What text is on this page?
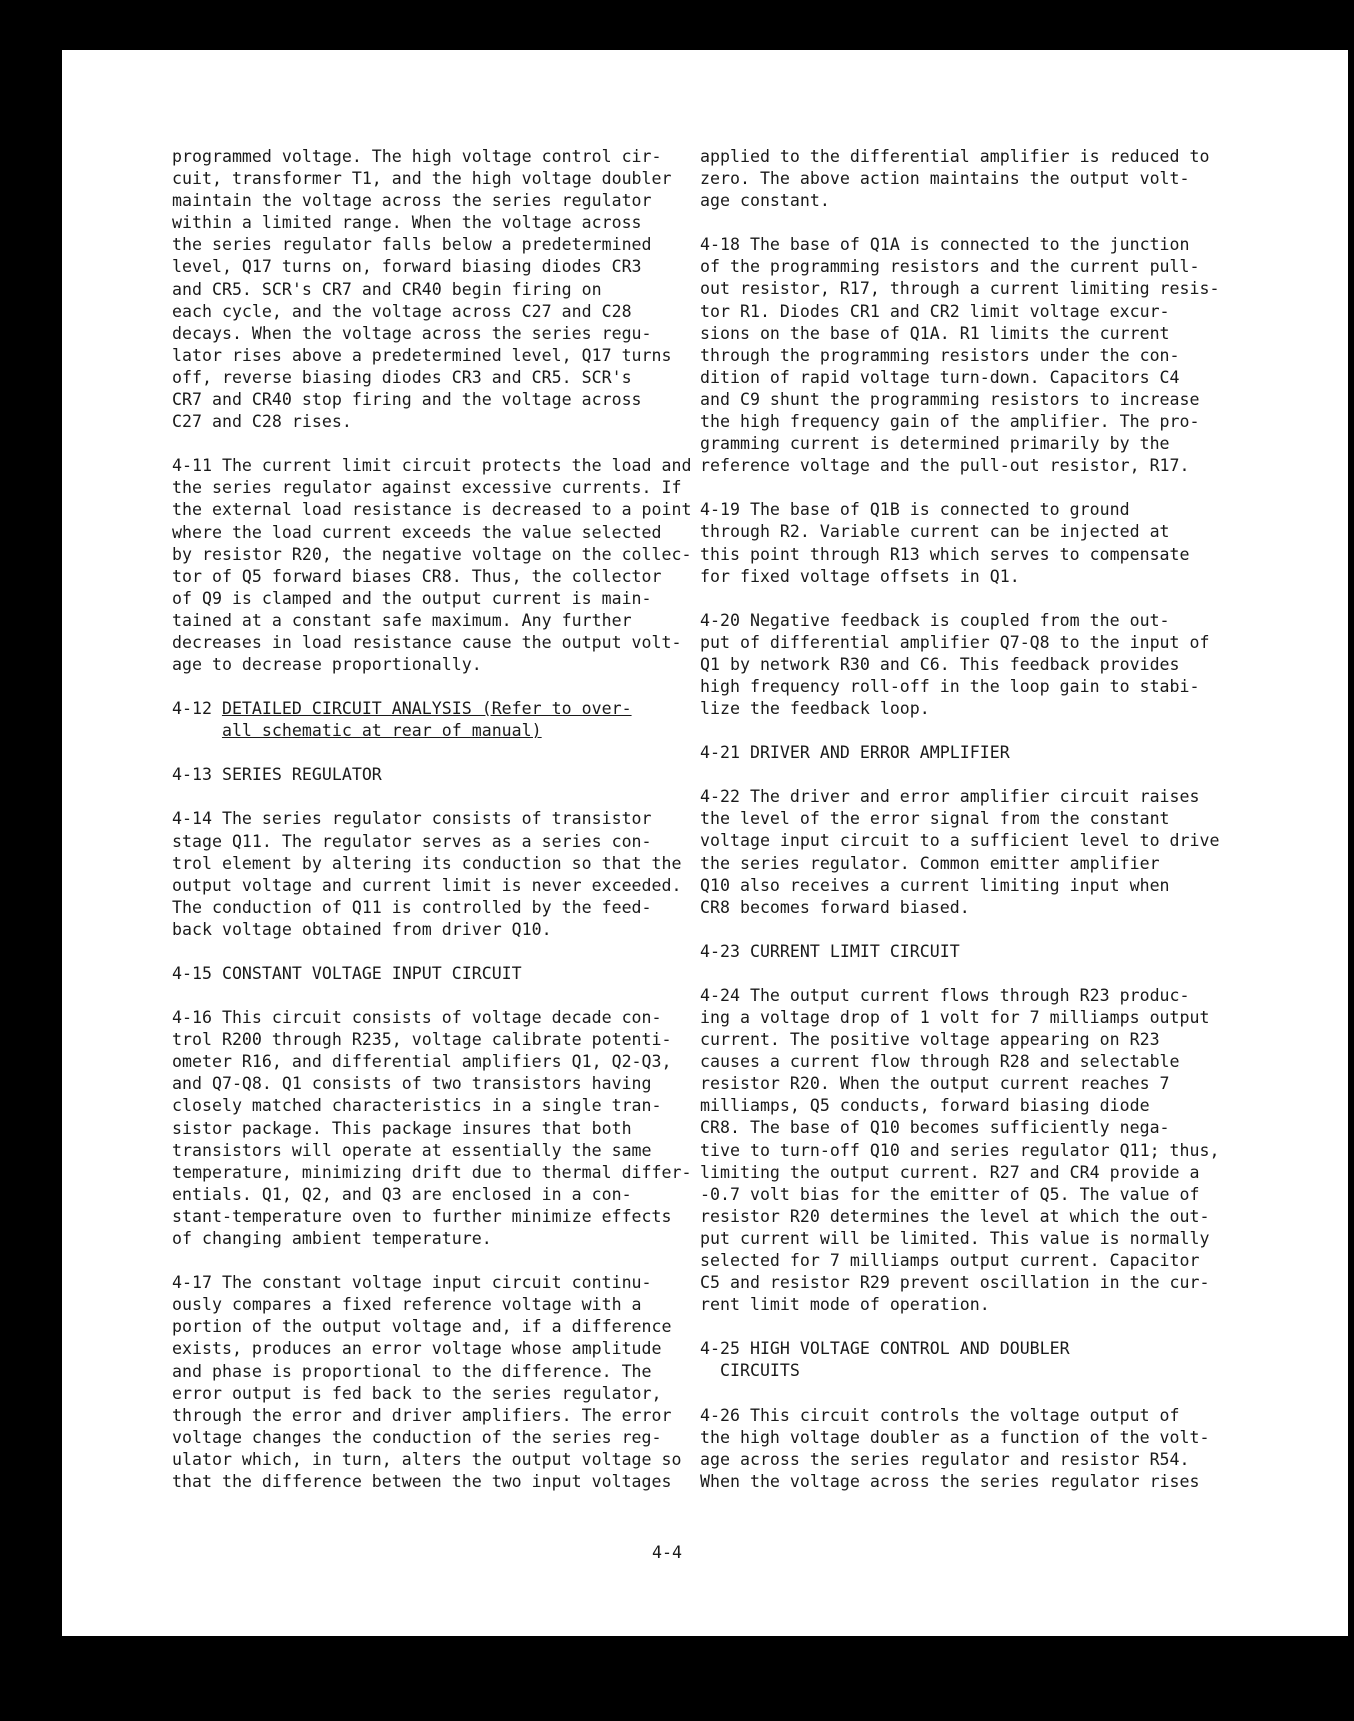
programmed voltage. The high voltage control cir-
cuit, transformer T1, and the high voltage doubler
maintain the voltage across the series regulator
within a limited range. When the voltage across
the series regulator falls below a predetermined
level, Q17 turns on, forward biasing diodes CR3
and CR5. SCR's CR7 and CR40 begin firing on
each cycle, and the voltage across C27 and C28
decays. When the voltage across the series regu-
lator rises above a predetermined level, Q17 turns
off, reverse biasing diodes CR3 and CR5. SCR's
CR7 and CR40 stop firing and the voltage across
C27 and C28 rises.
4-11 The current limit circuit protects the load and
the series regulator against excessive currents. If
the external load resistance is decreased to a point
where the load current exceeds the value selected
by resistor R20, the negative voltage on the collec-
tor of Q5 forward biases CR8. Thus, the collector
of Q9 is clamped and the output current is main-
tained at a constant safe maximum. Any further
decreases in load resistance cause the output volt-
age to decrease proportionally.
4-12 DETAILED CIRCUIT ANALYSIS (Refer to over-
all schematic at rear of manual)
4-13 SERIES REGULATOR
4-14 The series regulator consists of transistor
stage Q11. The regulator serves as a series con-
trol element by altering its conduction so that the
output voltage and current limit is never exceeded.
The conduction of Q11 is controlled by the feed-
back voltage obtained from driver Q10.
4-15 CONSTANT VOLTAGE INPUT CIRCUIT
4-16 This circuit consists of voltage decade con-
trol R200 through R235, voltage calibrate potenti-
ometer R16, and differential amplifiers Q1, Q2-Q3,
and Q7-Q8. Q1 consists of two transistors having
closely matched characteristics in a single tran-
sistor package. This package insures that both
transistors will operate at essentially the same
temperature, minimizing drift due to thermal differ-
entials. Q1, Q2, and Q3 are enclosed in a con-
stant-temperature oven to further minimize effects
of changing ambient temperature.
4-17 The constant voltage input circuit continu-
ously compares a fixed reference voltage with a
portion of the output voltage and, if a difference
exists, produces an error voltage whose amplitude
and phase is proportional to the difference. The
error output is fed back to the series regulator,
through the error and driver amplifiers. The error
voltage changes the conduction of the series reg-
ulator which, in turn, alters the output voltage so
that the difference between the two input voltages
applied to the differential amplifier is reduced to
zero. The above action maintains the output volt-
age constant.
4-18 The base of Q1A is connected to the junction
of the programming resistors and the current pull-
out resistor, R17, through a current limiting resis-
tor R1. Diodes CR1 and CR2 limit voltage excur-
sions on the base of Q1A. R1 limits the current
through the programming resistors under the con-
dition of rapid voltage turn-down. Capacitors C4
and C9 shunt the programming resistors to increase
the high frequency gain of the amplifier. The pro-
gramming current is determined primarily by the
reference voltage and the pull-out resistor, R17.
4-19 The base of Q1B is connected to ground
through R2. Variable current can be injected at
this point through R13 which serves to compensate
for fixed voltage offsets in Q1.
4-20 Negative feedback is coupled from the out-
put of differential amplifier Q7-Q8 to the input of
Q1 by network R30 and C6. This feedback provides
high frequency roll-off in the loop gain to stabi-
lize the feedback loop.
4-21 DRIVER AND ERROR AMPLIFIER
4-22 The driver and error amplifier circuit raises
the level of the error signal from the constant
voltage input circuit to a sufficient level to drive
the series regulator. Common emitter amplifier
Q10 also receives a current limiting input when
CR8 becomes forward biased.
4-23 CURRENT LIMIT CIRCUIT
4-24 The output current flows through R23 produc-
ing a voltage drop of 1 volt for 7 milliamps output
current. The positive voltage appearing on R23
causes a current flow through R28 and selectable
resistor R20. When the output current reaches 7
milliamps, Q5 conducts, forward biasing diode
CR8. The base of Q10 becomes sufficiently nega-
tive to turn-off Q10 and series regulator Q11; thus,
limiting the output current. R27 and CR4 provide a
-0.7 volt bias for the emitter of Q5. The value of
resistor R20 determines the level at which the out-
put current will be limited. This value is normally
selected for 7 milliamps output current. Capacitor
C5 and resistor R29 prevent oscillation in the cur-
rent limit mode of operation.
4-25 HIGH VOLTAGE CONTROL AND DOUBLER
CIRCUITS
4-26 This circuit controls the voltage output of
the high voltage doubler as a function of the volt-
age across the series regulator and resistor R54.
When the voltage across the series regulator rises
4-4
